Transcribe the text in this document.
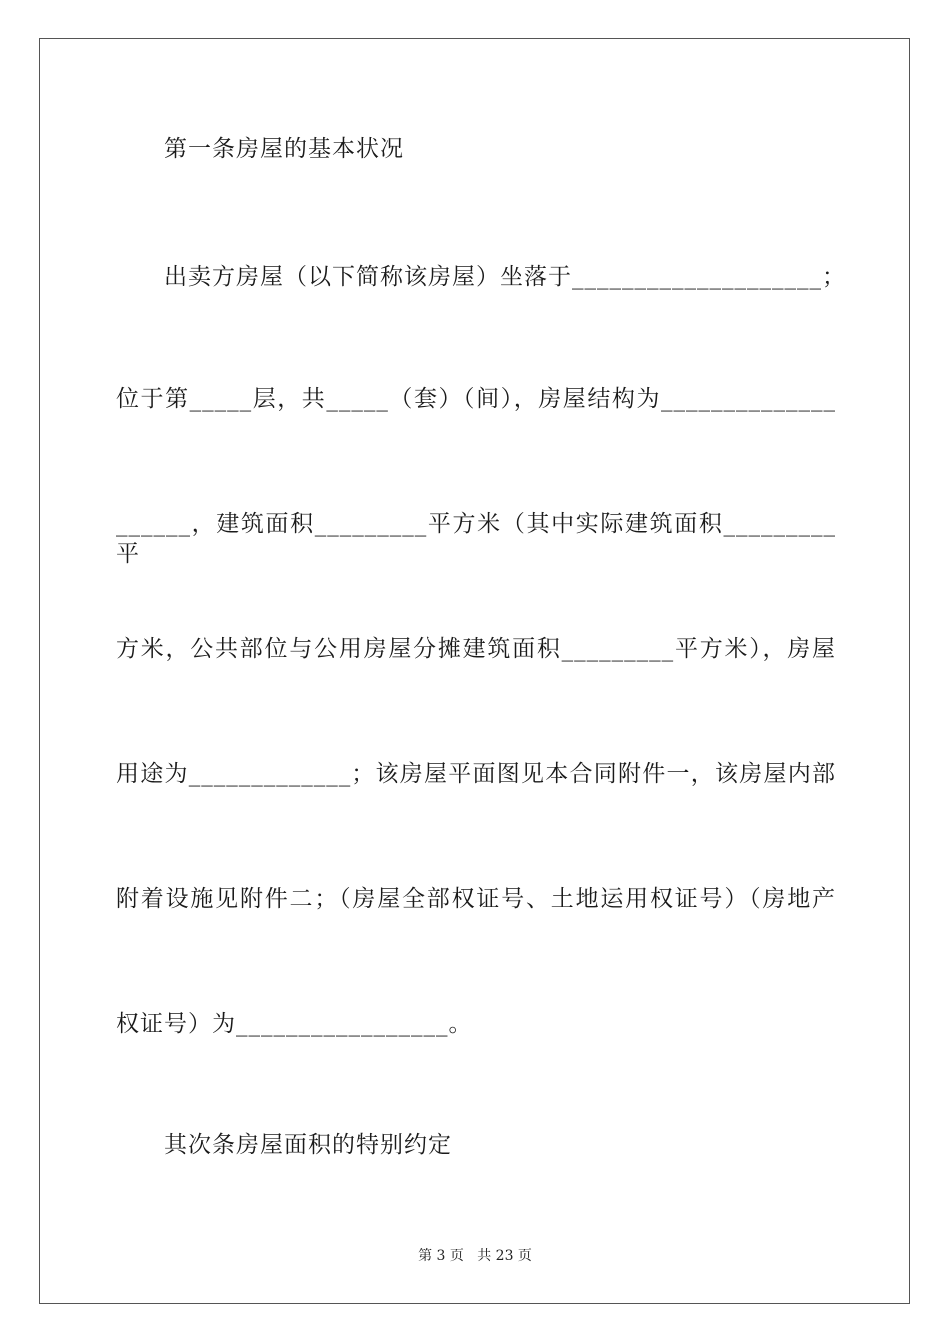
第一条房屋的基本状况
出卖方房屋（以下简称该房屋）坐落于____________________；
位于第_____层，共_____（套）（间），房屋结构为______________
______，建筑面积_________平方米（其中实际建筑面积_________平
方米，公共部位与公用房屋分摊建筑面积_________平方米），房屋
用途为_____________；该房屋平面图见本合同附件一，该房屋内部
附着设施见附件二；（房屋全部权证号、土地运用权证号）（房地产
权证号）为_________________。
其次条房屋面积的特别约定
第 3 页   共 23 页
